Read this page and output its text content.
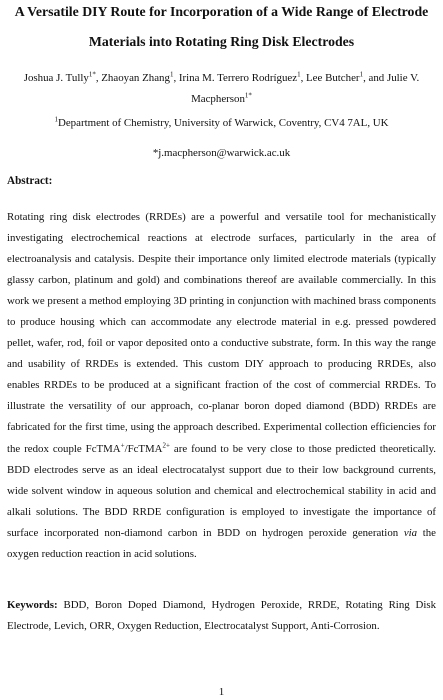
A Versatile DIY Route for Incorporation of a Wide Range of Electrode
Materials into Rotating Ring Disk Electrodes
Joshua J. Tully$^{1*}$, Zhaoyan Zhang$^1$, Irina M. Terrero Rodríguez$^1$, Lee Butcher$^1$, and Julie V. Macpherson$^{1*}$
$^1$Department of Chemistry, University of Warwick, Coventry, CV4 7AL, UK
*j.macpherson@warwick.ac.uk
Abstract:
Rotating ring disk electrodes (RRDEs) are a powerful and versatile tool for mechanistically investigating electrochemical reactions at electrode surfaces, particularly in the area of electroanalysis and catalysis. Despite their importance only limited electrode materials (typically glassy carbon, platinum and gold) and combinations thereof are available commercially. In this work we present a method employing 3D printing in conjunction with machined brass components to produce housing which can accommodate any electrode material in e.g. pressed powdered pellet, wafer, rod, foil or vapor deposited onto a conductive substrate, form. In this way the range and usability of RRDEs is extended. This custom DIY approach to producing RRDEs, also enables RRDEs to be produced at a significant fraction of the cost of commercial RRDEs. To illustrate the versatility of our approach, co-planar boron doped diamond (BDD) RRDEs are fabricated for the first time, using the approach described. Experimental collection efficiencies for the redox couple FcTMA+/FcTMA$^{2+}$ are found to be very close to those predicted theoretically. BDD electrodes serve as an ideal electrocatalyst support due to their low background currents, wide solvent window in aqueous solution and chemical and electrochemical stability in acid and alkali solutions. The BDD RRDE configuration is employed to investigate the importance of surface incorporated non-diamond carbon in BDD on hydrogen peroxide generation via the oxygen reduction reaction in acid solutions.
Keywords: BDD, Boron Doped Diamond, Hydrogen Peroxide, RRDE, Rotating Ring Disk Electrode, Levich, ORR, Oxygen Reduction, Electrocatalyst Support, Anti-Corrosion.
1
